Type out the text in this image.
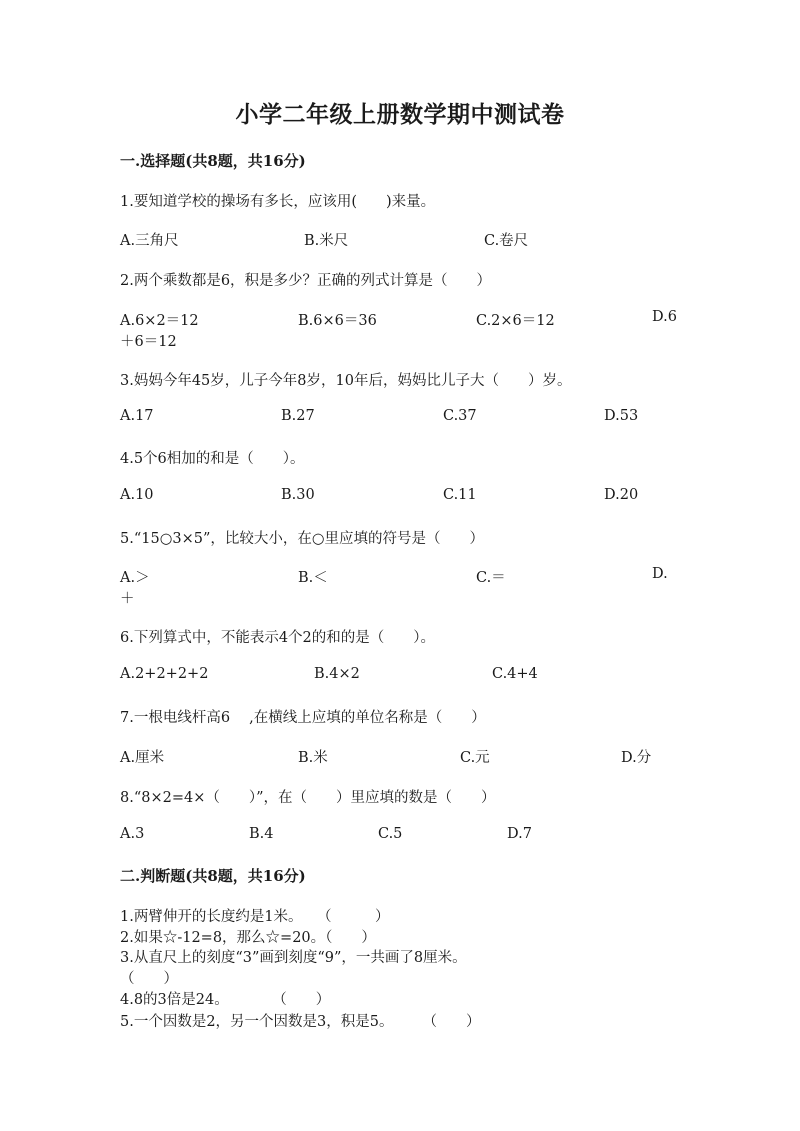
小学二年级上册数学期中测试卷
一.选择题(共8题，共16分)
1.要知道学校的操场有多长，应该用(　　)来量。
A.三角尺	B.米尺	C.卷尺
2.两个乘数都是6，积是多少？正确的列式计算是（　　）
A.6×2＝12	B.6×6＝36	C.2×6＝12	D.6
＋6＝12
3.妈妈今年45岁，儿子今年8岁，10年后，妈妈比儿子大（　　）岁。
A.17	B.27	C.37	D.53
4.5个6相加的和是（　　）。
A.10	B.30	C.11	D.20
5.“15○3×5”，比较大小，在○里应填的符号是（　　）
A.＞	B.＜	C.＝	D.
＋
6.下列算式中，不能表示4个2的和的是（　　）。
A.2+2+2+2	B.4×2	C.4+4
7.一根电线杆高6　 ,在横线上应填的单位名称是（　　）
A.厘米	B.米	C.元	D.分
8.“8×2=4×（　　）”，在（　　）里应填的数是（　　）
A.3	B.4	C.5	D.7
二.判断题(共8题，共16分)
1.两臂伸开的长度约是1米。　　（　　　）
2.如果☆-12=8，那么☆=20。（　　）
3.从直尺上的刻度“3”画到刻度“9”，一共画了8厘米。
（　　）
4.8的3倍是24。　　　　（　　）
5.一个因数是2，另一个因数是3，积是5。　　　（　　）
